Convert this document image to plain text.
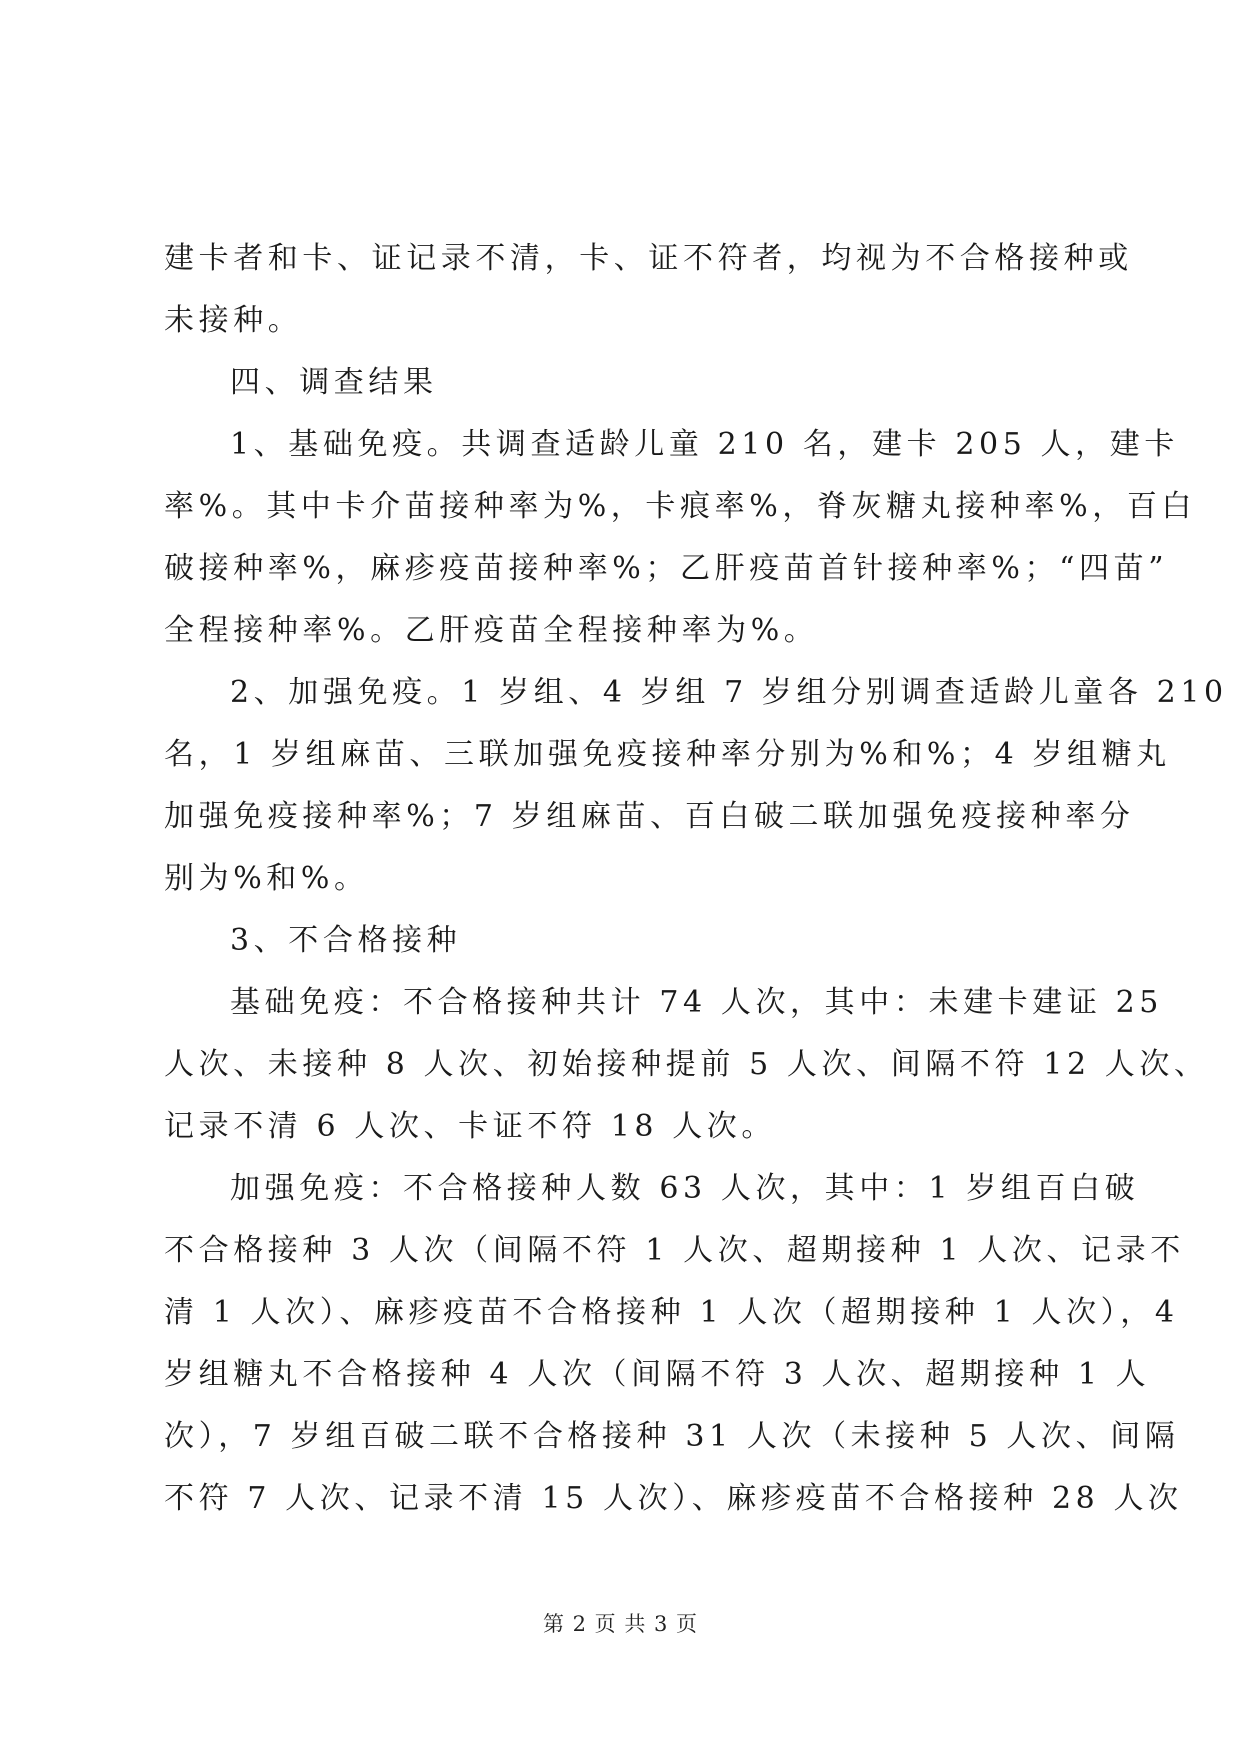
建卡者和卡、证记录不清，卡、证不符者，均视为不合格接种或
未接种。
四、调查结果
1、基础免疫。共调查适龄儿童 210 名，建卡 205 人，建卡
率%。其中卡介苗接种率为%，卡痕率%，脊灰糖丸接种率%，百白
破接种率%，麻疹疫苗接种率%；乙肝疫苗首针接种率%；“四苗”
全程接种率%。乙肝疫苗全程接种率为%。
2、加强免疫。1 岁组、4 岁组 7 岁组分别调查适龄儿童各 210
名，1 岁组麻苗、三联加强免疫接种率分别为%和%；4 岁组糖丸
加强免疫接种率%；7 岁组麻苗、百白破二联加强免疫接种率分
别为%和%。
3、不合格接种
基础免疫：不合格接种共计 74 人次，其中：未建卡建证 25
人次、未接种 8 人次、初始接种提前 5 人次、间隔不符 12 人次、
记录不清 6 人次、卡证不符 18 人次。
加强免疫：不合格接种人数 63 人次，其中：1 岁组百白破
不合格接种 3 人次（间隔不符 1 人次、超期接种 1 人次、记录不
清 1 人次）、麻疹疫苗不合格接种 1 人次（超期接种 1 人次），4
岁组糖丸不合格接种 4 人次（间隔不符 3 人次、超期接种 1 人
次），7 岁组百破二联不合格接种 31 人次（未接种 5 人次、间隔
不符 7 人次、记录不清 15 人次）、麻疹疫苗不合格接种 28 人次
第 2 页 共 3 页
